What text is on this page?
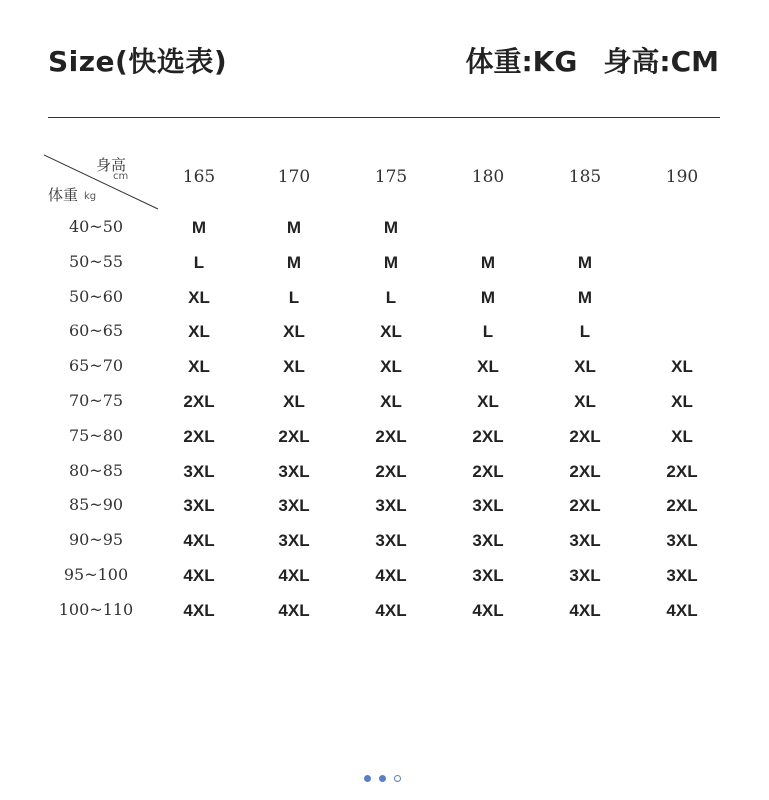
Size(快选表)	体重:KG 身高:CM
身高
cm
体重 kg
165	170	175	180	185	190
40~50	M	M	M
50~55	L	M	M	M	M
50~60	XL	L	L	M	M
60~65	XL	XL	XL	L	L
65~70	XL	XL	XL	XL	XL	XL
70~75	2XL	XL	XL	XL	XL	XL
75~80	2XL	2XL	2XL	2XL	2XL	XL
80~85	3XL	3XL	2XL	2XL	2XL	2XL
85~90	3XL	3XL	3XL	3XL	2XL	2XL
90~95	4XL	3XL	3XL	3XL	3XL	3XL
95~100	4XL	4XL	4XL	3XL	3XL	3XL
100~110	4XL	4XL	4XL	4XL	4XL	4XL
